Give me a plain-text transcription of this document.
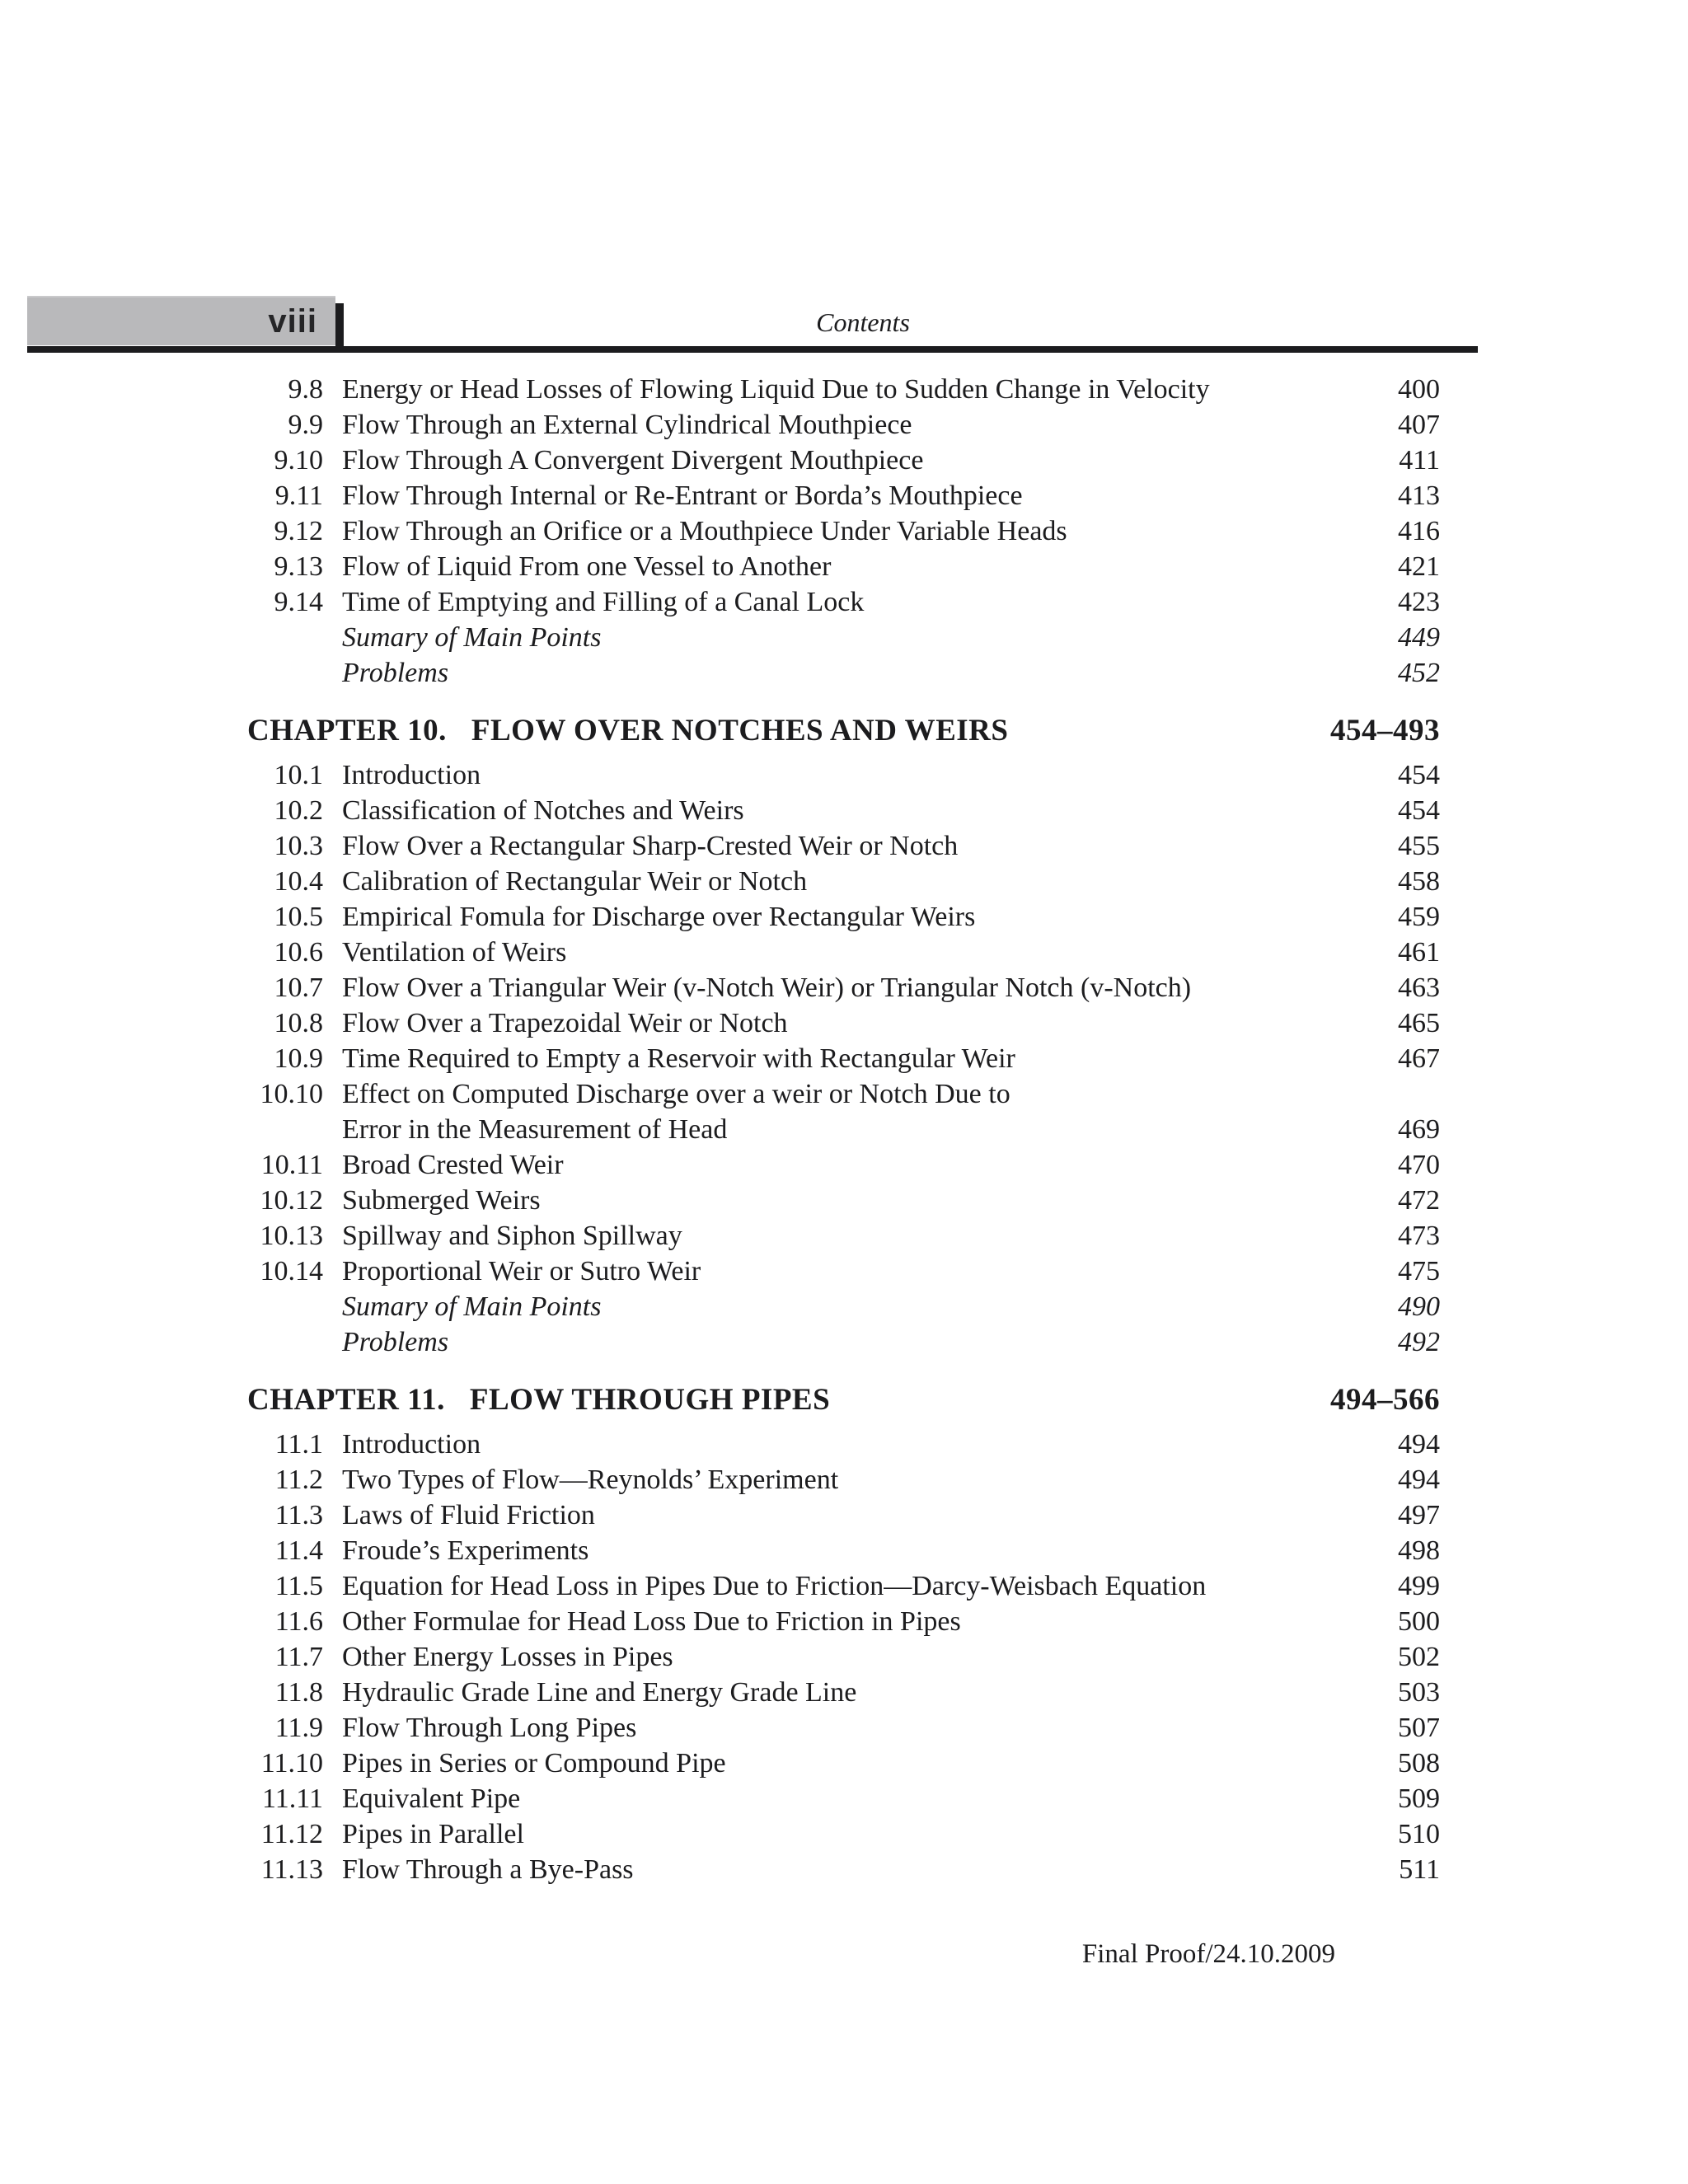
viii	Contents
9.8 Energy or Head Losses of Flowing Liquid Due to Sudden Change in Velocity	400
9.9 Flow Through an External Cylindrical Mouthpiece	407
9.10 Flow Through A Convergent Divergent Mouthpiece	411
9.11 Flow Through Internal or Re-Entrant or Borda’s Mouthpiece	413
9.12 Flow Through an Orifice or a Mouthpiece Under Variable Heads	416
9.13 Flow of Liquid From one Vessel to Another	421
9.14 Time of Emptying and Filling of a Canal Lock	423
Sumary of Main Points	449
Problems	452
CHAPTER 10. FLOW OVER NOTCHES AND WEIRS	454–493
10.1 Introduction	454
10.2 Classification of Notches and Weirs	454
10.3 Flow Over a Rectangular Sharp-Crested Weir or Notch	455
10.4 Calibration of Rectangular Weir or Notch	458
10.5 Empirical Fomula for Discharge over Rectangular Weirs	459
10.6 Ventilation of Weirs	461
10.7 Flow Over a Triangular Weir (v-Notch Weir) or Triangular Notch (v-Notch)	463
10.8 Flow Over a Trapezoidal Weir or Notch	465
10.9 Time Required to Empty a Reservoir with Rectangular Weir	467
10.10 Effect on Computed Discharge over a weir or Notch Due to
Error in the Measurement of Head	469
10.11 Broad Crested Weir	470
10.12 Submerged Weirs	472
10.13 Spillway and Siphon Spillway	473
10.14 Proportional Weir or Sutro Weir	475
Sumary of Main Points	490
Problems	492
CHAPTER 11. FLOW THROUGH PIPES	494–566
11.1 Introduction	494
11.2 Two Types of Flow—Reynolds’ Experiment	494
11.3 Laws of Fluid Friction	497
11.4 Froude’s Experiments	498
11.5 Equation for Head Loss in Pipes Due to Friction—Darcy-Weisbach Equation	499
11.6 Other Formulae for Head Loss Due to Friction in Pipes	500
11.7 Other Energy Losses in Pipes	502
11.8 Hydraulic Grade Line and Energy Grade Line	503
11.9 Flow Through Long Pipes	507
11.10 Pipes in Series or Compound Pipe	508
11.11 Equivalent Pipe	509
11.12 Pipes in Parallel	510
11.13 Flow Through a Bye-Pass	511
Final Proof/24.10.2009
